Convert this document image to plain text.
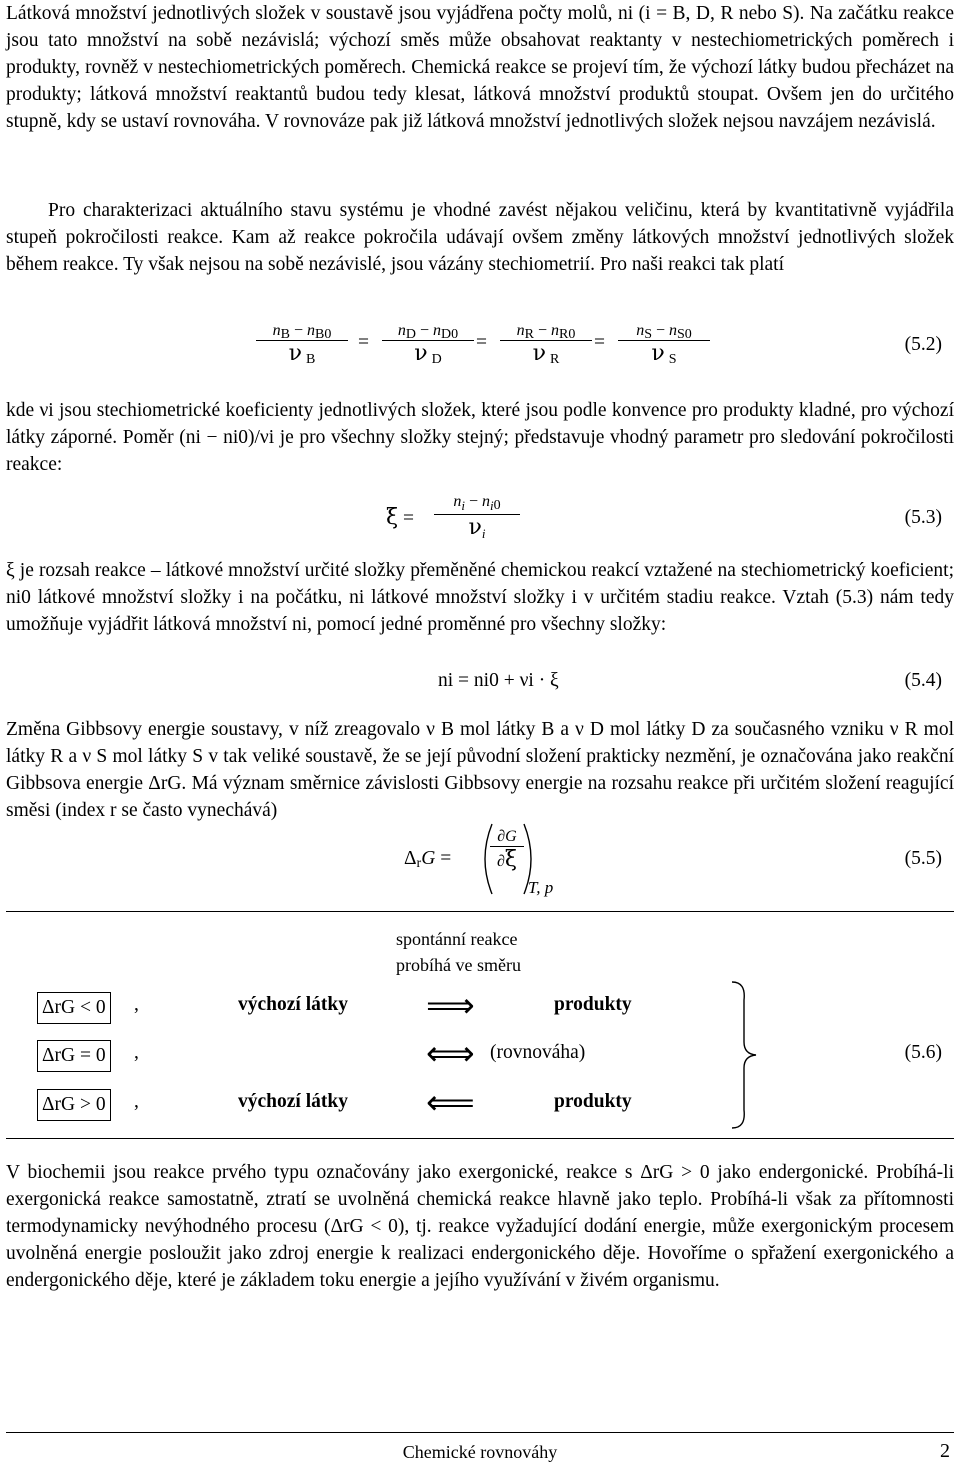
Látková množství jednotlivých složek v soustavě jsou vyjádřena počty molů, ni (i = B, D, R nebo S). Na začátku reakce jsou tato množství na sobě nezávislá; výchozí směs může obsahovat reaktanty v nestechiometrických poměrech i produkty, rovněž v nestechiometrických poměrech. Chemická reakce se projeví tím, že výchozí látky budou přecházet na produkty; látková množství reaktantů budou tedy klesat, látková množství produktů stoupat. Ovšem jen do určitého stupně, kdy se ustaví rovnováha. V rovnováze pak již látková množství jednotlivých složek nejsou navzájem nezávislá.

Pro charakterizaci aktuálního stavu systému je vhodné zavést nějakou veličinu, která by kvantitativně vyjádřila stupeň pokročilosti reakce. Kam až reakce pokročila udávají ovšem změny látkových množství jednotlivých složek během reakce. Ty však nejsou na sobě nezávislé, jsou vázány stechiometrií. Pro naši reakci tak platí

nB − nB0
ν B
=
nD − nD0
ν D
=
nR − nR0
ν R
=
nS − nS0
ν S
(5.2)

kde νi jsou stechiometrické koeficienty jednotlivých složek, které jsou podle konvence pro produkty kladné, pro výchozí látky záporné. Poměr (ni − ni0)/νi je pro všechny složky stejný; představuje vhodný parametr pro sledování pokročilosti reakce:

ξ =
$n_i - n_i0$
$\nu_i$
(5.3)

ξ je rozsah reakce – látkové množství určité složky přeměněné chemickou reakcí vztažené na stechiometrický koeficient; ni0 látkové množství složky i na počátku, ni látkové množství složky i v určitém stadiu reakce. Vztah (5.3) nám tedy umožňuje vyjádřit látková množství ni, pomocí jedné proměnné pro všechny složky:

ni = ni0 + νi · ξ	(5.4)

Změna Gibbsovy energie soustavy, v níž zreagovalo ν B mol látky B a ν D mol látky D za současného vzniku ν R mol látky R a ν S mol látky S v tak veliké soustavě, že se její původní složení prakticky nezmění, je označována jako reakční Gibbsova energie ΔrG. Má význam směrnice závislosti Gibbsovy energie na rozsahu reakce při určitém složení reagující směsi (index r se často vynechává)

ΔrG =
∂G
∂ξ
T, p
(5.5)
spontánní reakce
probíhá ve směru
ΔrG < 0 ,	výchozí látky ⟹	produkty
ΔrG = 0 ,	⟺ (rovnováha)
ΔrG > 0 ,	výchozí látky ⟸	produkty
(5.6)

V biochemii jsou reakce prvého typu označovány jako exergonické, reakce s ΔrG > 0 jako endergonické. Probíhá-li exergonická reakce samostatně, ztratí se uvolněná chemická reakce hlavně jako teplo. Probíhá-li však za přítomnosti termodynamicky nevýhodného procesu (ΔrG < 0), tj. reakce vyžadující dodání energie, může exergonickým procesem uvolněná energie posloužit jako zdroj energie k realizaci endergonického děje. Hovoříme o spřažení exergonického a endergonického děje, které je základem toku energie a jejího využívání v živém organismu.

Chemické rovnováhy	2
